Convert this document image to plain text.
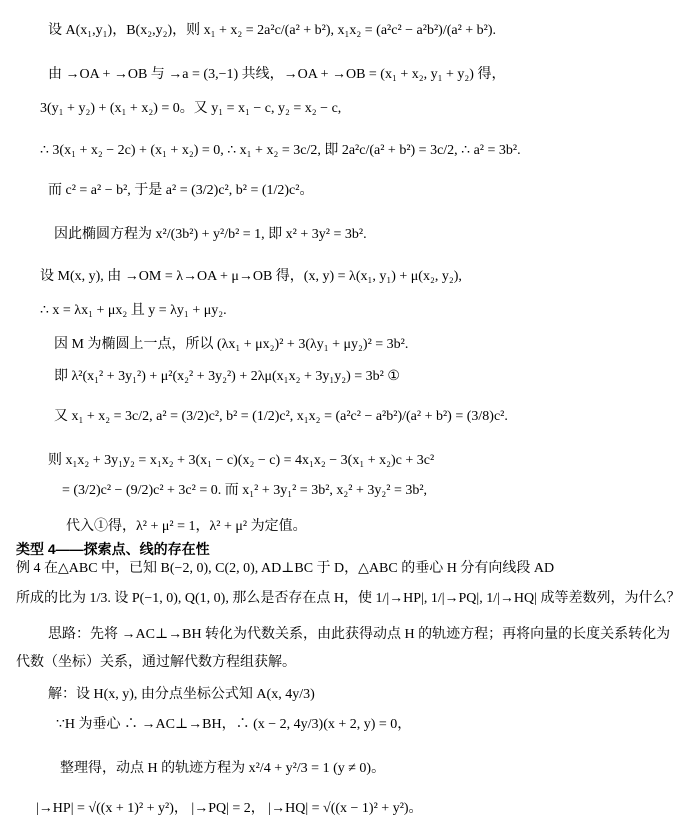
设 A(x₁,y₁)，B(x₂,y₂)，则 x₁ + x₂ = 2a²c/(a² + b²), x₁x₂ = (a²c² − a²b²)/(a² + b²).
由 →OA + →OB 与 →a = (3,−1) 共线，→OA + →OB = (x₁ + x₂, y₁ + y₂) 得，
3(y₁ + y₂) + (x₁ + x₂) = 0。又 y₁ = x₁ − c, y₂ = x₂ − c,
∴ 3(x₁ + x₂ − 2c) + (x₁ + x₂) = 0, ∴ x₁ + x₂ = 3c/2, 即 2a²c/(a² + b²) = 3c/2, ∴ a² = 3b².
而 c² = a² − b², 于是 a² = (3/2)c², b² = (1/2)c²。
因此椭圆方程为 x²/(3b²) + y²/b² = 1, 即 x² + 3y² = 3b².
设 M(x, y), 由 →OM = λ→OA + μ→OB 得，(x, y) = λ(x₁, y₁) + μ(x₂, y₂),
∴ x = λx₁ + μx₂ 且 y = λy₁ + μy₂.
因 M 为椭圆上一点，所以 (λx₁ + μx₂)² + 3(λy₁ + μy₂)² = 3b².
即 λ²(x₁² + 3y₁²) + μ²(x₂² + 3y₂²) + 2λμ(x₁x₂ + 3y₁y₂) = 3b² ①
又 x₁ + x₂ = 3c/2, a² = (3/2)c², b² = (1/2)c², x₁x₂ = (a²c² − a²b²)/(a² + b²) = (3/8)c².
则 x₁x₂ + 3y₁y₂ = x₁x₂ + 3(x₁ − c)(x₂ − c) = 4x₁x₂ − 3(x₁ + x₂)c + 3c²
= (3/2)c² − (9/2)c² + 3c² = 0. 而 x₁² + 3y₁² = 3b², x₂² + 3y₂² = 3b²,
代入①得，λ² + μ² = 1，λ² + μ² 为定值。
类型 4——探索点、线的存在性
例 4 在△ABC 中，已知 B(−2, 0), C(2, 0), AD⊥BC 于 D，△ABC 的垂心 H 分有向线段 AD
所成的比为 1/3. 设 P(−1, 0), Q(1, 0), 那么是否存在点 H，使 1/|→HP|, 1/|→PQ|, 1/|→HQ| 成等差数列，为什么？
思路：先将 →AC⊥→BH 转化为代数关系，由此获得动点 H 的轨迹方程；再将向量的长度关系转化为
代数（坐标）关系，通过解代数方程组获解。
解：设 H(x, y), 由分点坐标公式知 A(x, 4y/3)
∵H 为垂心 ∴ →AC⊥→BH，∴ (x − 2, 4y/3)(x + 2, y) = 0，
整理得，动点 H 的轨迹方程为 x²/4 + y²/3 = 1 (y ≠ 0)。
|→HP| = √((x + 1)² + y²)， |→PQ| = 2， |→HQ| = √((x − 1)² + y²)。
